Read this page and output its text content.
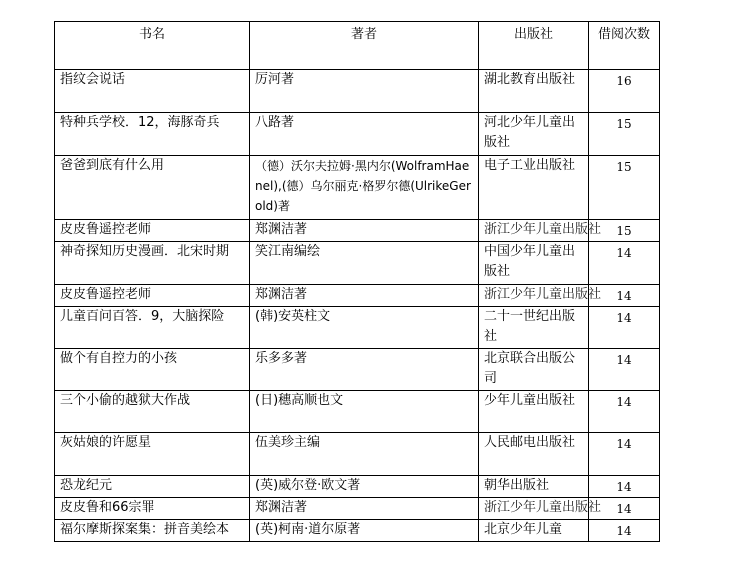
书名	著者	出版社	借阅次数
指纹会说话	厉河著	湖北教育出版社	16
特种兵学校．12，海豚奇兵	八路著	河北少年儿童出版社	15
爸爸到底有什么用	（德）沃尔夫拉姆·黑内尔(WolframHaenel),(德）乌尔丽克·格罗尔德(UlrikeGerold)著	电子工业出版社	15
皮皮鲁遥控老师	郑渊洁著	浙江少年儿童出版社	15
神奇探知历史漫画．北宋时期	笑江南编绘	中国少年儿童出版社	14
皮皮鲁遥控老师	郑渊洁著	浙江少年儿童出版社	14
儿童百问百答．9，大脑探险	(韩)安英柱文	二十一世纪出版社	14
做个有自控力的小孩	乐多多著	北京联合出版公司	14
三个小偷的越狱大作战	(日)穗高顺也文	少年儿童出版社	14
灰姑娘的许愿星	伍美珍主编	人民邮电出版社	14
恐龙纪元	(英)威尔登·欧文著	朝华出版社	14
皮皮鲁和66宗罪	郑渊洁著	浙江少年儿童出版社	14
福尔摩斯探案集：拼音美绘本	(英)柯南·道尔原著	北京少年儿童	14
